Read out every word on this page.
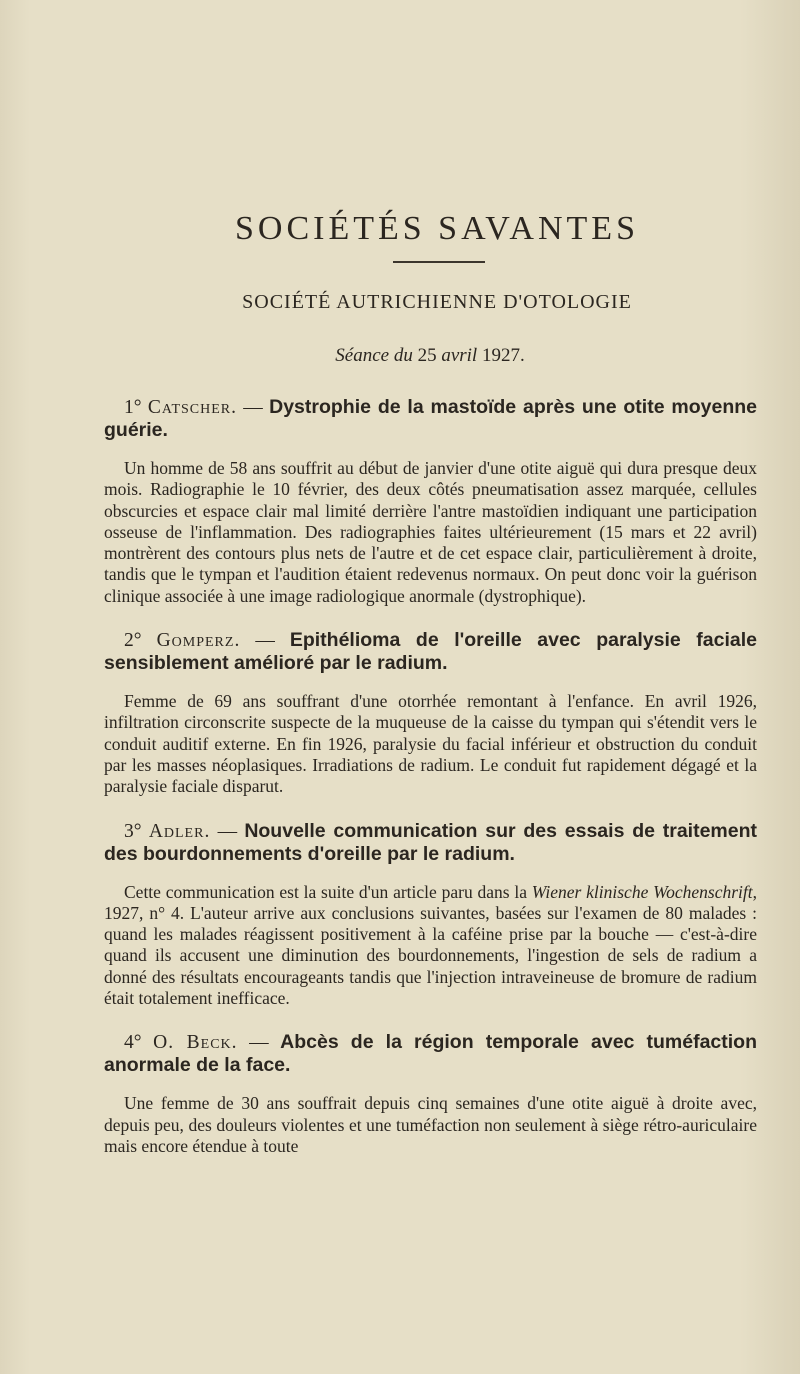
SOCIÉTÉS SAVANTES
SOCIÉTÉ AUTRICHIENNE D'OTOLOGIE
Séance du 25 avril 1927.

1° Catscher. — Dystrophie de la mastoïde après une otite moyenne guérie.

Un homme de 58 ans souffrit au début de janvier d'une otite aiguë qui dura presque deux mois. Radiographie le 10 février, des deux côtés pneumatisation assez marquée, cellules obscurcies et espace clair mal limité derrière l'antre mastoïdien indiquant une participation osseuse de l'inflammation. Des radiographies faites ultérieurement (15 mars et 22 avril) montrèrent des contours plus nets de l'autre et de cet espace clair, particulièrement à droite, tandis que le tympan et l'audition étaient redevenus normaux. On peut donc voir la guérison clinique associée à une image radiologique anormale (dystrophique).

2° Gomperz. — Epithélioma de l'oreille avec paralysie faciale sensiblement amélioré par le radium.

Femme de 69 ans souffrant d'une otorrhée remontant à l'enfance. En avril 1926, infiltration circonscrite suspecte de la muqueuse de la caisse du tympan qui s'étendit vers le conduit auditif externe. En fin 1926, paralysie du facial inférieur et obstruction du conduit par les masses néoplasiques. Irradiations de radium. Le conduit fut rapidement dégagé et la paralysie faciale disparut.

3° Adler. — Nouvelle communication sur des essais de traitement des bourdonnements d'oreille par le radium.

Cette communication est la suite d'un article paru dans la Wiener klinische Wochenschrift, 1927, n° 4. L'auteur arrive aux conclusions suivantes, basées sur l'examen de 80 malades : quand les malades réagissent positivement à la caféine prise par la bouche — c'est-à-dire quand ils accusent une diminution des bourdonnements, l'ingestion de sels de radium a donné des résultats encourageants tandis que l'injection intraveineuse de bromure de radium était totalement inefficace.

4° O. Beck. — Abcès de la région temporale avec tuméfaction anormale de la face.

Une femme de 30 ans souffrait depuis cinq semaines d'une otite aiguë à droite avec, depuis peu, des douleurs violentes et une tuméfaction non seulement à siège rétro-auriculaire mais encore étendue à toute
